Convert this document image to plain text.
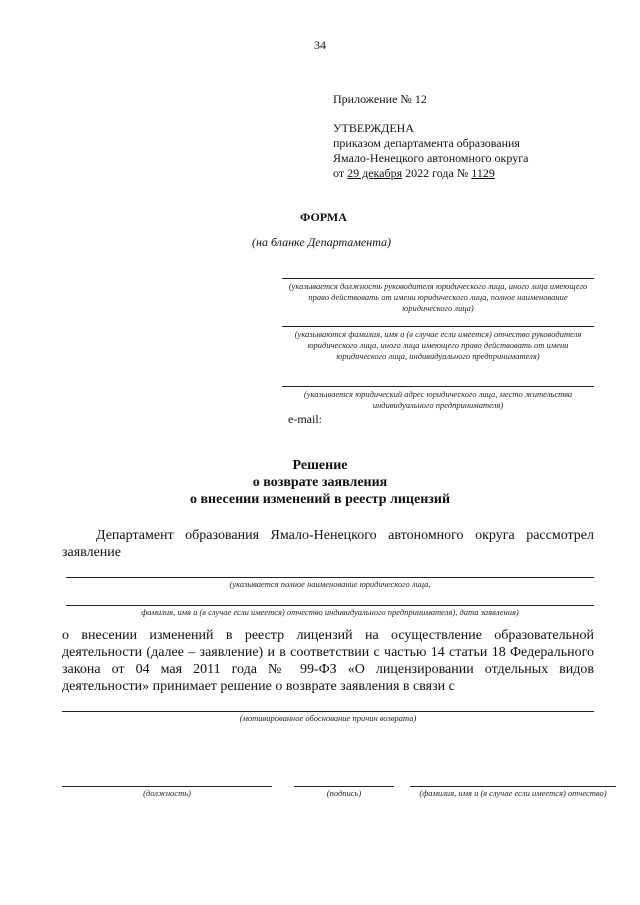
34
Приложение № 12
УТВЕРЖДЕНА
приказом департамента образования
Ямало-Ненецкого автономного округа
от 29 декабря 2022 года № 1129
ФОРМА
(на бланке Департамента)
(указывается должность руководителя юридического лица, иного лица имеющего право действовать от имени юридического лица, полное наименование юридического лица)
(указываются фамилия, имя и (в случае если имеется) отчество руководителя юридического лица, иного лица имеющего право действовать от имени юридического лица, индивидуального предпринимателя)
(указывается юридический адрес юридического лица, место жительства индивидуального предпринимателя)
e-mail:
Решение
о возврате заявления
о внесении изменений в реестр лицензий
Департамент образования Ямало-Ненецкого автономного округа рассмотрел заявление
(указывается полное наименование юридического лица,
фамилия, имя и (в случае если имеется) отчество индивидуального предпринимателя), дата заявления)
о внесении изменений в реестр лицензий на осуществление образовательной деятельности (далее – заявление) и в соответствии с частью 14 статьи 18 Федерального закона от 04 мая 2011 года № 99-ФЗ «О лицензировании отдельных видов деятельности» принимает решение о возврате заявления в связи с
(мотивированное обоснование причин возврата)
(должность)	(подпись)	(фамилия, имя и (в случае если имеется) отчество)
